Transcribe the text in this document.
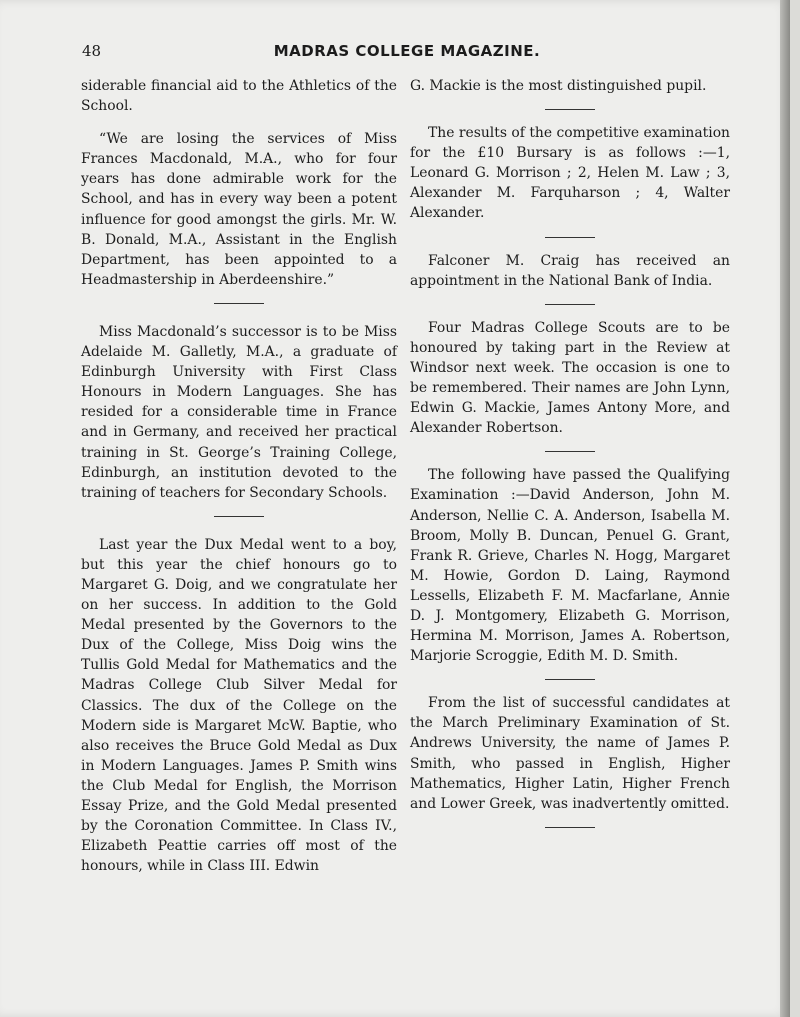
48	MADRAS COLLEGE MAGAZINE.

siderable financial aid to the Athletics of the School.

“We are losing the services of Miss Frances Macdonald, M.A., who for four years has done admirable work for the School, and has in every way been a potent influence for good amongst the girls. Mr. W. B. Donald, M.A., Assistant in the English Department, has been appointed to a Headmastership in Aberdeenshire.”

Miss Macdonald’s successor is to be Miss Adelaide M. Galletly, M.A., a graduate of Edinburgh University with First Class Honours in Modern Languages. She has resided for a considerable time in France and in Germany, and received her practical training in St. George’s Training College, Edinburgh, an institution devoted to the training of teachers for Secondary Schools.

Last year the Dux Medal went to a boy, but this year the chief honours go to Margaret G. Doig, and we congratulate her on her success. In addition to the Gold Medal presented by the Governors to the Dux of the College, Miss Doig wins the Tullis Gold Medal for Mathematics and the Madras College Club Silver Medal for Classics. The dux of the College on the Modern side is Margaret McW. Baptie, who also receives the Bruce Gold Medal as Dux in Modern Languages. James P. Smith wins the Club Medal for English, the Morrison Essay Prize, and the Gold Medal presented by the Coronation Committee. In Class IV., Elizabeth Peattie carries off most of the honours, while in Class III. Edwin

G. Mackie is the most distinguished pupil.

The results of the competitive examination for the £10 Bursary is as follows :—1, Leonard G. Morrison ; 2, Helen M. Law ; 3, Alexander M. Farquharson ; 4, Walter Alexander.

Falconer M. Craig has received an appointment in the National Bank of India.

Four Madras College Scouts are to be honoured by taking part in the Review at Windsor next week. The occasion is one to be remembered. Their names are John Lynn, Edwin G. Mackie, James Antony More, and Alexander Robertson.

The following have passed the Qualifying Examination :—David Anderson, John M. Anderson, Nellie C. A. Anderson, Isabella M. Broom, Molly B. Duncan, Penuel G. Grant, Frank R. Grieve, Charles N. Hogg, Margaret M. Howie, Gordon D. Laing, Raymond Lessells, Elizabeth F. M. Macfarlane, Annie D. J. Montgomery, Elizabeth G. Morrison, Hermina M. Morrison, James A. Robertson, Marjorie Scroggie, Edith M. D. Smith.

From the list of successful candidates at the March Preliminary Examination of St. Andrews University, the name of James P. Smith, who passed in English, Higher Mathematics, Higher Latin, Higher French and Lower Greek, was inadvertently omitted.
